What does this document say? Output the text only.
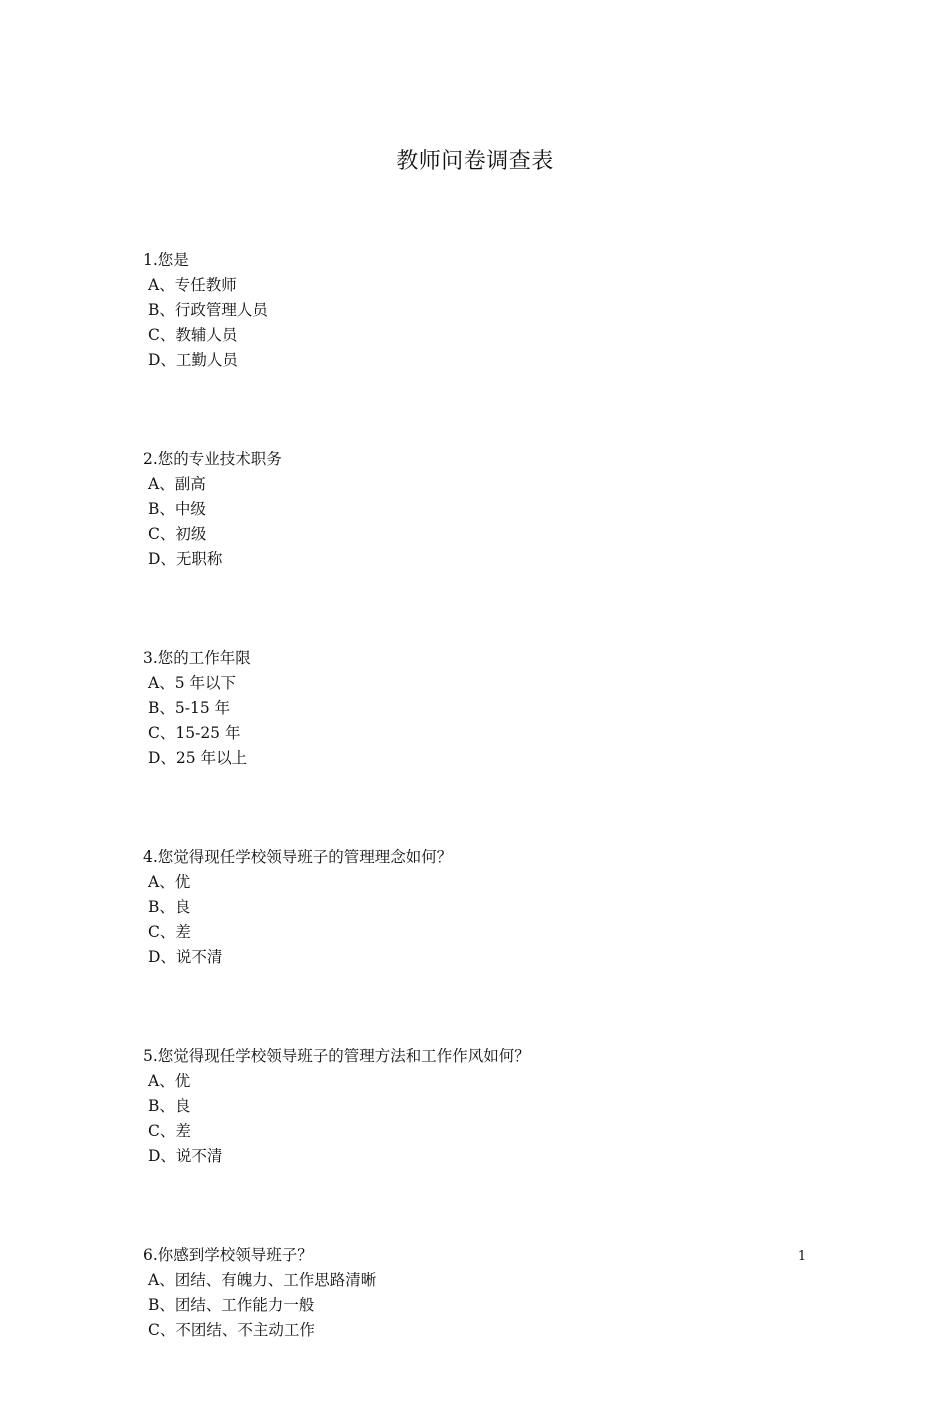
教师问卷调查表
1.您是
A、专任教师
B、行政管理人员
C、教辅人员
D、工勤人员
2.您的专业技术职务
A、副高
B、中级
C、初级
D、无职称
3.您的工作年限
A、5 年以下
B、5-15 年
C、15-25 年
D、25 年以上
4.您觉得现任学校领导班子的管理理念如何？
A、优
B、良
C、差
D、说不清
5.您觉得现任学校领导班子的管理方法和工作作风如何？
A、优
B、良
C、差
D、说不清
6.你感到学校领导班子？
A、团结、有魄力、工作思路清晰
B、团结、工作能力一般
C、不团结、不主动工作
1
